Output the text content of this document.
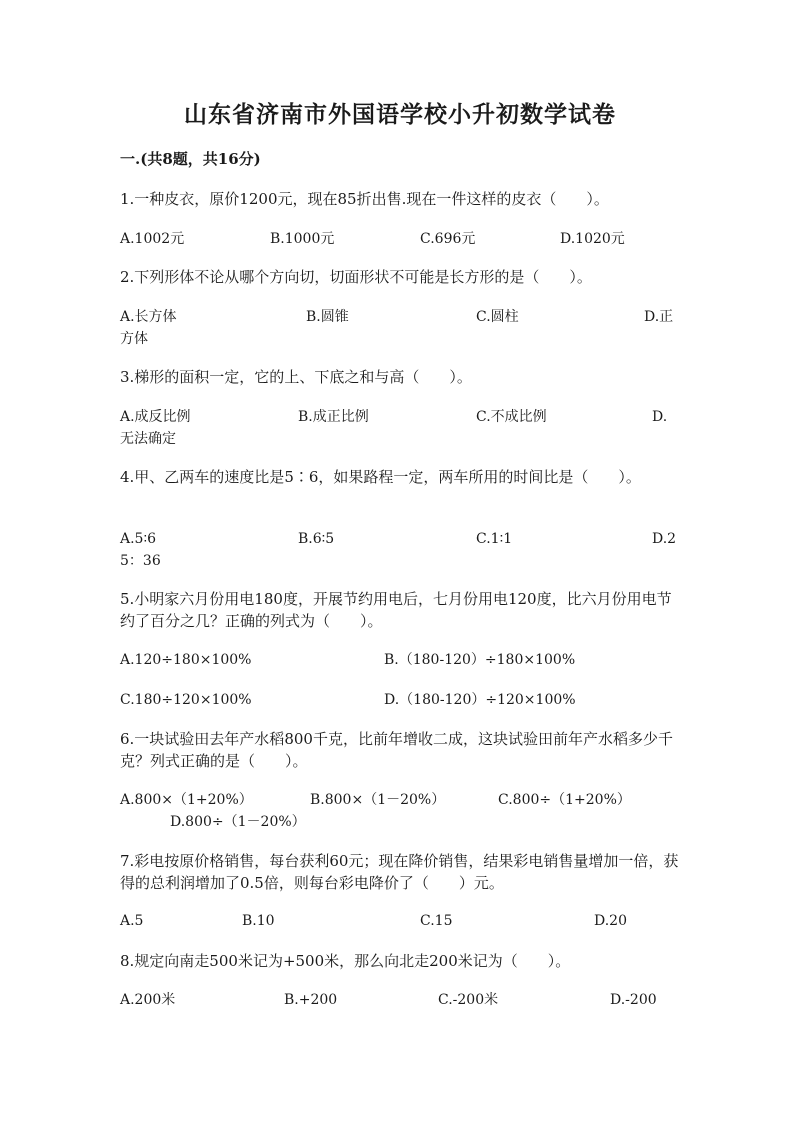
山东省济南市外国语学校小升初数学试卷
一.(共8题，共16分)
1.一种皮衣，原价1200元，现在85折出售.现在一件这样的皮衣（　　）。
A.1002元	B.1000元	C.696元	D.1020元
2.下列形体不论从哪个方向切，切面形状不可能是长方形的是（　　）。
A.长方体	B.圆锥	C.圆柱	D.正
方体
3.梯形的面积一定，它的上、下底之和与高（　　）。
A.成反比例	B.成正比例	C.不成比例	D.
无法确定
4.甲、乙两车的速度比是5∶6，如果路程一定，两车所用的时间比是（　　）。
A.5∶6	B.6∶5	C.1∶1	D.2
5：36
5.小明家六月份用电180度，开展节约用电后，七月份用电120度，比六月份用电节约了百分之几？正确的列式为（　　）。
A.120÷180×100%	B.（180-120）÷180×100%
C.180÷120×100%	D.（180-120）÷120×100%
6.一块试验田去年产水稻800千克，比前年增收二成，这块试验田前年产水稻多少千克？列式正确的是（　　）。
A.800×（1+20%）	B.800×（1－20%）	C.800÷（1+20%）
D.800÷（1－20%）
7.彩电按原价格销售，每台获利60元；现在降价销售，结果彩电销售量增加一倍，获得的总利润增加了0.5倍，则每台彩电降价了（　　）元。
A.5	B.10	C.15	D.20
8.规定向南走500米记为+500米，那么向北走200米记为（　　）。
A.200米	B.+200	C.-200米	D.-200
